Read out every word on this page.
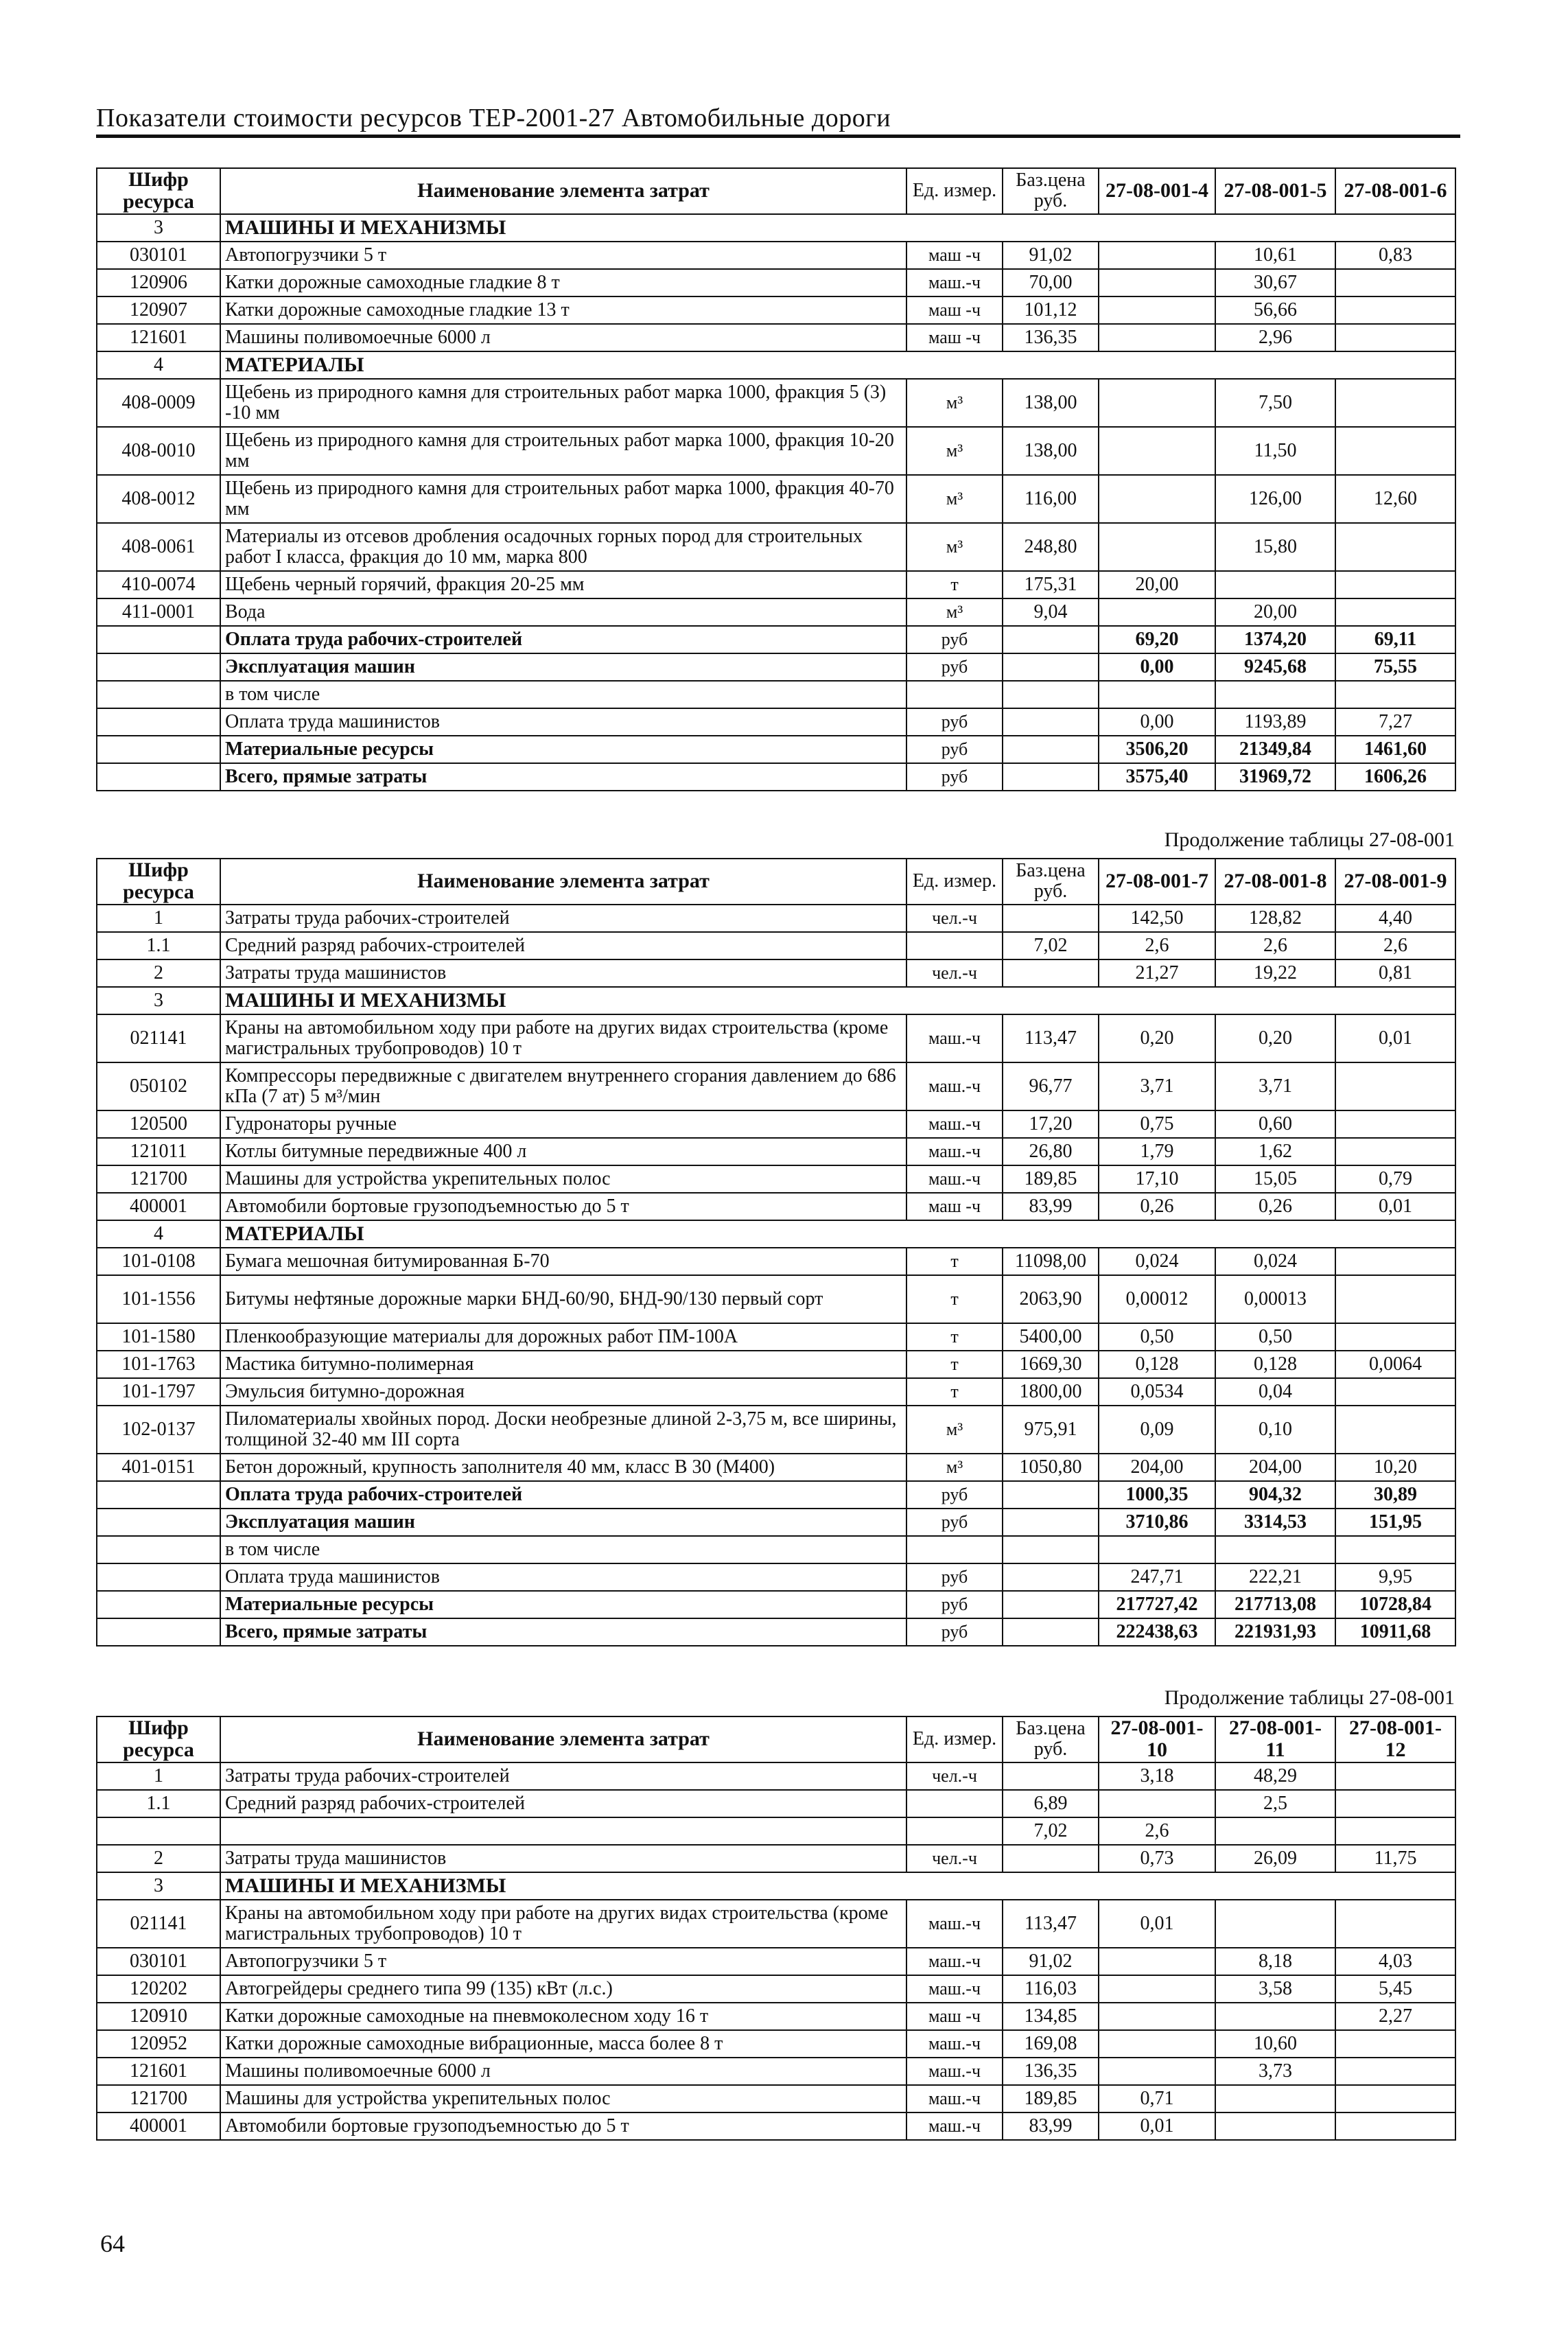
Показатели стоимости ресурсов ТЕР-2001-27 Автомобильные дороги
Шифр ресурса	Наименование элемента затрат	Ед. измер.	Баз.цена руб.	27-08-001-4	27-08-001-5	27-08-001-6
3	МАШИНЫ И МЕХАНИЗМЫ					
030101	Автопогрузчики 5 т	маш -ч	91,02		10,61	0,83
120906	Катки дорожные самоходные гладкие 8 т	маш.-ч	70,00		30,67	
120907	Катки дорожные самоходные гладкие 13 т	маш -ч	101,12		56,66	
121601	Машины поливомоечные 6000 л	маш -ч	136,35		2,96	
4	МАТЕРИАЛЫ					
408-0009	Щебень из природного камня для строительных работ марка 1000, фракция 5 (3) -10 мм	м³	138,00		7,50	
408-0010	Щебень из природного камня для строительных работ марка 1000, фракция 10-20 мм	м³	138,00		11,50	
408-0012	Щебень из природного камня для строительных работ марка 1000, фракция 40-70 мм	м³	116,00		126,00	12,60
408-0061	Материалы из отсевов дробления осадочных горных пород для строительных работ I класса, фракция до 10 мм, марка 800	м³	248,80		15,80	
410-0074	Щебень черный горячий, фракция 20-25 мм	т	175,31	20,00		
411-0001	Вода	м³	9,04		20,00	
	Оплата труда рабочих-строителей	руб		69,20	1374,20	69,11
	Эксплуатация машин	руб		0,00	9245,68	75,55
	в том числе					
	Оплата труда машинистов	руб		0,00	1193,89	7,27
	Материальные ресурсы	руб		3506,20	21349,84	1461,60
	Всего, прямые затраты	руб		3575,40	31969,72	1606,26
Продолжение таблицы 27-08-001
Шифр ресурса	Наименование элемента затрат	Ед. измер.	Баз.цена руб.	27-08-001-7	27-08-001-8	27-08-001-9
1	Затраты труда рабочих-строителей	чел.-ч		142,50	128,82	4,40
1.1	Средний разряд рабочих-строителей		7,02	2,6	2,6	2,6
2	Затраты труда машинистов	чел.-ч		21,27	19,22	0,81
3	МАШИНЫ И МЕХАНИЗМЫ					
021141	Краны на автомобильном ходу при работе на других видах строительства (кроме магистральных трубопроводов) 10 т	маш.-ч	113,47	0,20	0,20	0,01
050102	Компрессоры передвижные с двигателем внутреннего сгорания давлением до 686 кПа (7 ат) 5 м³/мин	маш.-ч	96,77	3,71	3,71	
120500	Гудронаторы ручные	маш.-ч	17,20	0,75	0,60	
121011	Котлы битумные передвижные 400 л	маш.-ч	26,80	1,79	1,62	
121700	Машины для устройства укрепительных полос	маш.-ч	189,85	17,10	15,05	0,79
400001	Автомобили бортовые грузоподъемностью до 5 т	маш -ч	83,99	0,26	0,26	0,01
4	МАТЕРИАЛЫ					
101-0108	Бумага мешочная битумированная Б-70	т	11098,00	0,024	0,024	
101-1556	Битумы нефтяные дорожные марки БНД-60/90, БНД-90/130 первый сорт	т	2063,90	0,00012	0,00013	
101-1580	Пленкообразующие материалы для дорожных работ ПМ-100А	т	5400,00	0,50	0,50	
101-1763	Мастика битумно-полимерная	т	1669,30	0,128	0,128	0,0064
101-1797	Эмульсия битумно-дорожная	т	1800,00	0,0534	0,04	
102-0137	Пиломатериалы хвойных пород. Доски необрезные длиной 2-3,75 м, все ширины, толщиной 32-40 мм III сорта	м³	975,91	0,09	0,10	
401-0151	Бетон дорожный, крупность заполнителя 40 мм, класс В 30 (М400)	м³	1050,80	204,00	204,00	10,20
	Оплата труда рабочих-строителей	руб		1000,35	904,32	30,89
	Эксплуатация машин	руб		3710,86	3314,53	151,95
	в том числе					
	Оплата труда машинистов	руб		247,71	222,21	9,95
	Материальные ресурсы	руб		217727,42	217713,08	10728,84
	Всего, прямые затраты	руб		222438,63	221931,93	10911,68
Продолжение таблицы 27-08-001
Шифр ресурса	Наименование элемента затрат	Ед. измер.	Баз.цена руб.	27-08-001-10	27-08-001-11	27-08-001-12
1	Затраты труда рабочих-строителей	чел.-ч		3,18	48,29	
1.1	Средний разряд рабочих-строителей		6,89		2,5	
			7,02	2,6		
2	Затраты труда машинистов	чел.-ч		0,73	26,09	11,75
3	МАШИНЫ И МЕХАНИЗМЫ					
021141	Краны на автомобильном ходу при работе на других видах строительства (кроме магистральных трубопроводов) 10 т	маш.-ч	113,47	0,01		
030101	Автопогрузчики 5 т	маш.-ч	91,02		8,18	4,03
120202	Автогрейдеры среднего типа 99 (135) кВт (л.с.)	маш.-ч	116,03		3,58	5,45
120910	Катки дорожные самоходные на пневмоколесном ходу 16 т	маш -ч	134,85			2,27
120952	Катки дорожные самоходные вибрационные, масса более 8 т	маш.-ч	169,08		10,60	
121601	Машины поливомоечные 6000 л	маш.-ч	136,35		3,73	
121700	Машины для устройства укрепительных полос	маш.-ч	189,85	0,71		
400001	Автомобили бортовые грузоподъемностью до 5 т	маш.-ч	83,99	0,01		
64
